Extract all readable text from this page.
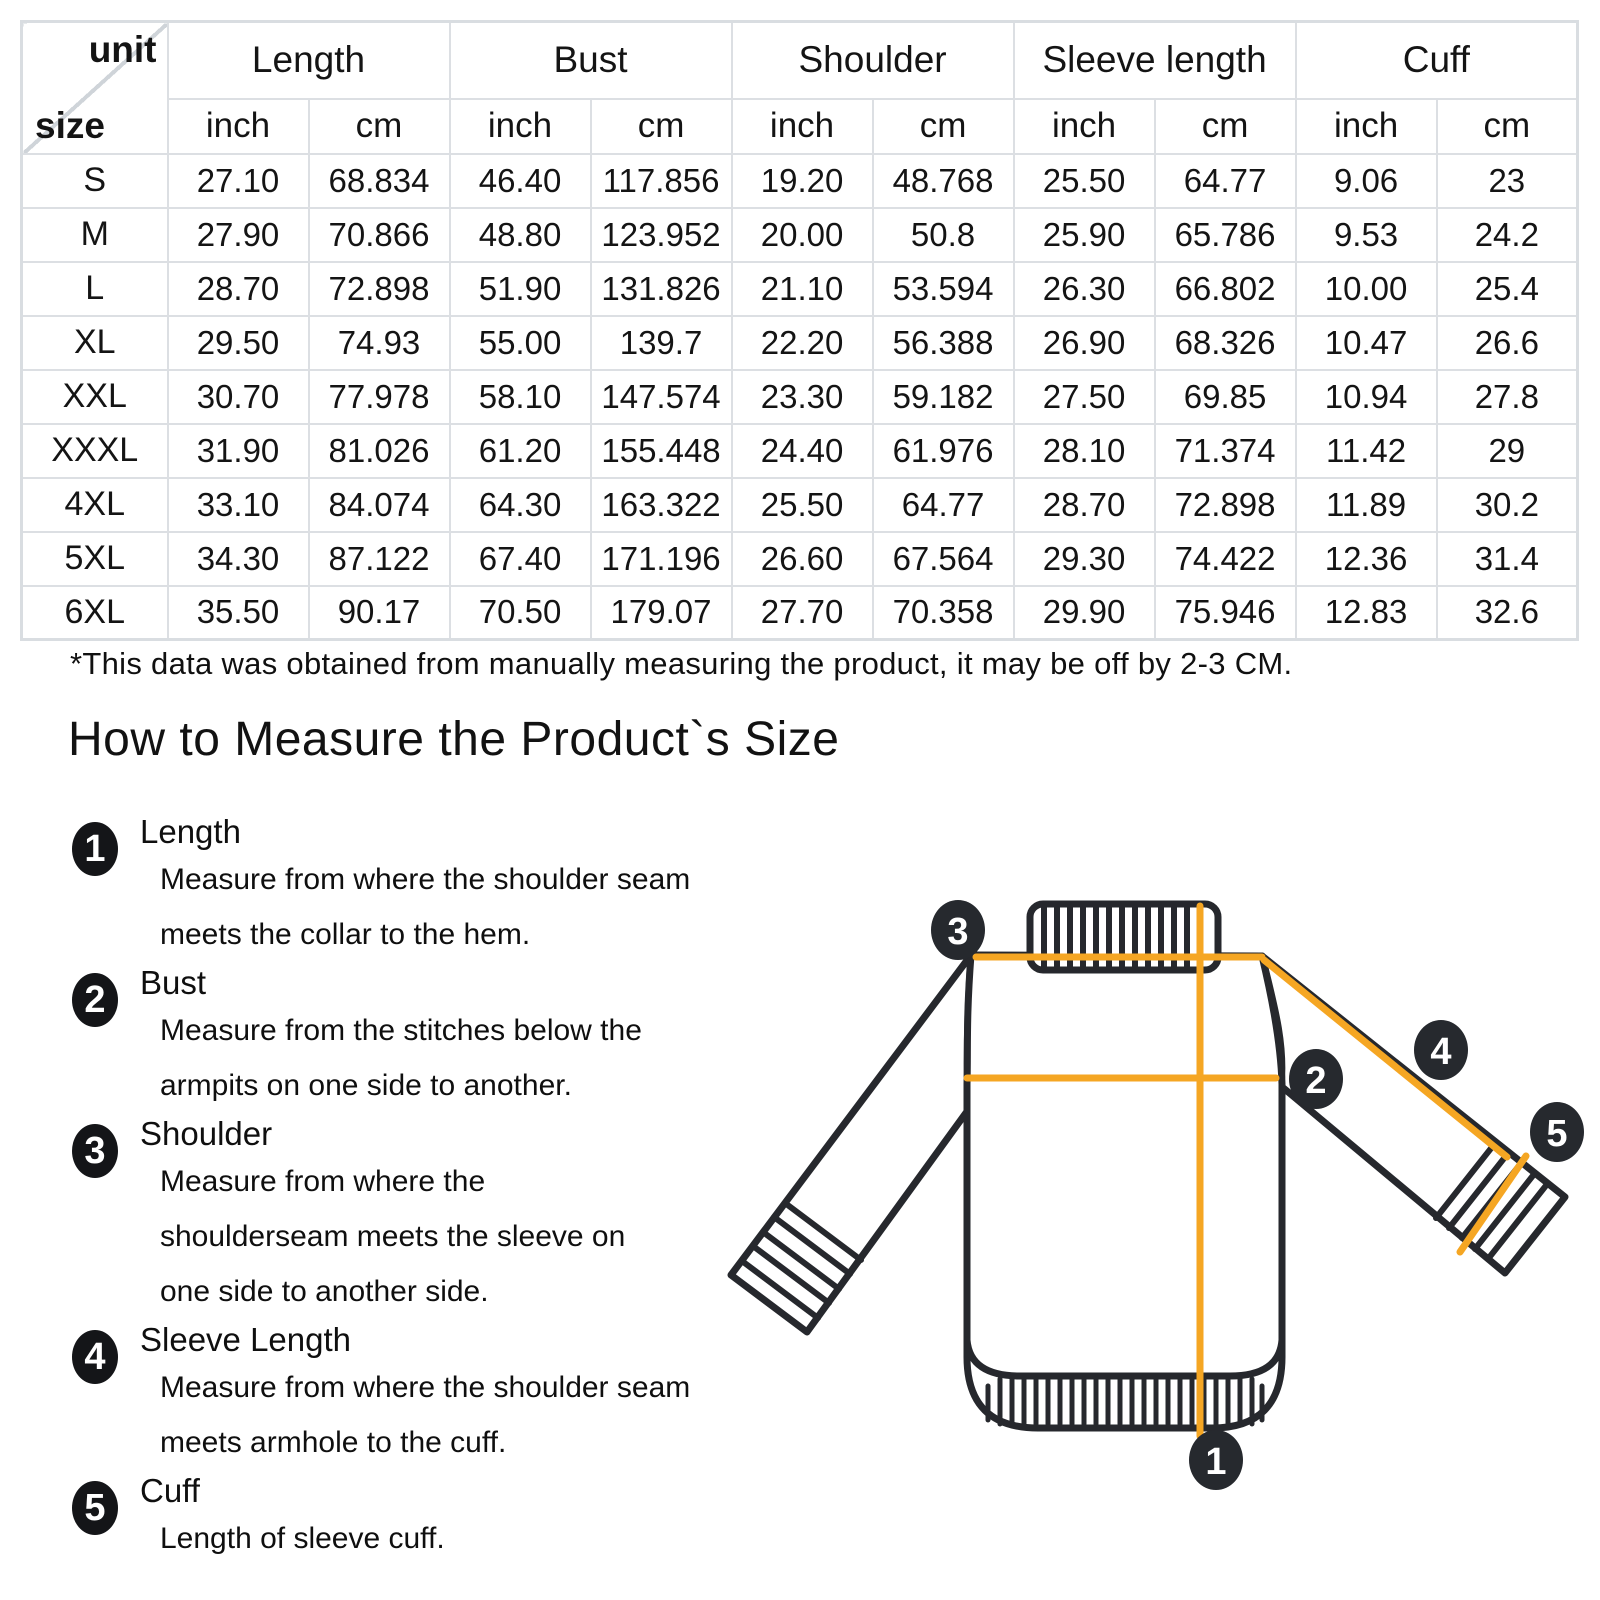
unit
size	Length		Bust		Shoulder		Sleeve length		Cuff	
	inch	cm	inch	cm	inch	cm	inch	cm	inch	cm
S	27.10	68.834	46.40	117.856	19.20	48.768	25.50	64.77	9.06	23
M	27.90	70.866	48.80	123.952	20.00	50.8	25.90	65.786	9.53	24.2
L	28.70	72.898	51.90	131.826	21.10	53.594	26.30	66.802	10.00	25.4
XL	29.50	74.93	55.00	139.7	22.20	56.388	26.90	68.326	10.47	26.6
XXL	30.70	77.978	58.10	147.574	23.30	59.182	27.50	69.85	10.94	27.8
XXXL	31.90	81.026	61.20	155.448	24.40	61.976	28.10	71.374	11.42	29
4XL	33.10	84.074	64.30	163.322	25.50	64.77	28.70	72.898	11.89	30.2
5XL	34.30	87.122	67.40	171.196	26.60	67.564	29.30	74.422	12.36	31.4
6XL	35.50	90.17	70.50	179.07	27.70	70.358	29.90	75.946	12.83	32.6
*This data was obtained from manually measuring the product, it may be off by 2-3 CM.
How to Measure the Product`s Size
1	Length
Measure from where the shoulder seam
meets the collar to the hem.
2	Bust
Measure from the stitches below the
armpits on one side to another.
3	Shoulder
Measure from where the
shoulderseam meets the sleeve on
one side to another side.
4	Sleeve Length
Measure from where the shoulder seam
meets armhole to the cuff.
5	Cuff
Length of sleeve cuff.
3
2
4
5
1
